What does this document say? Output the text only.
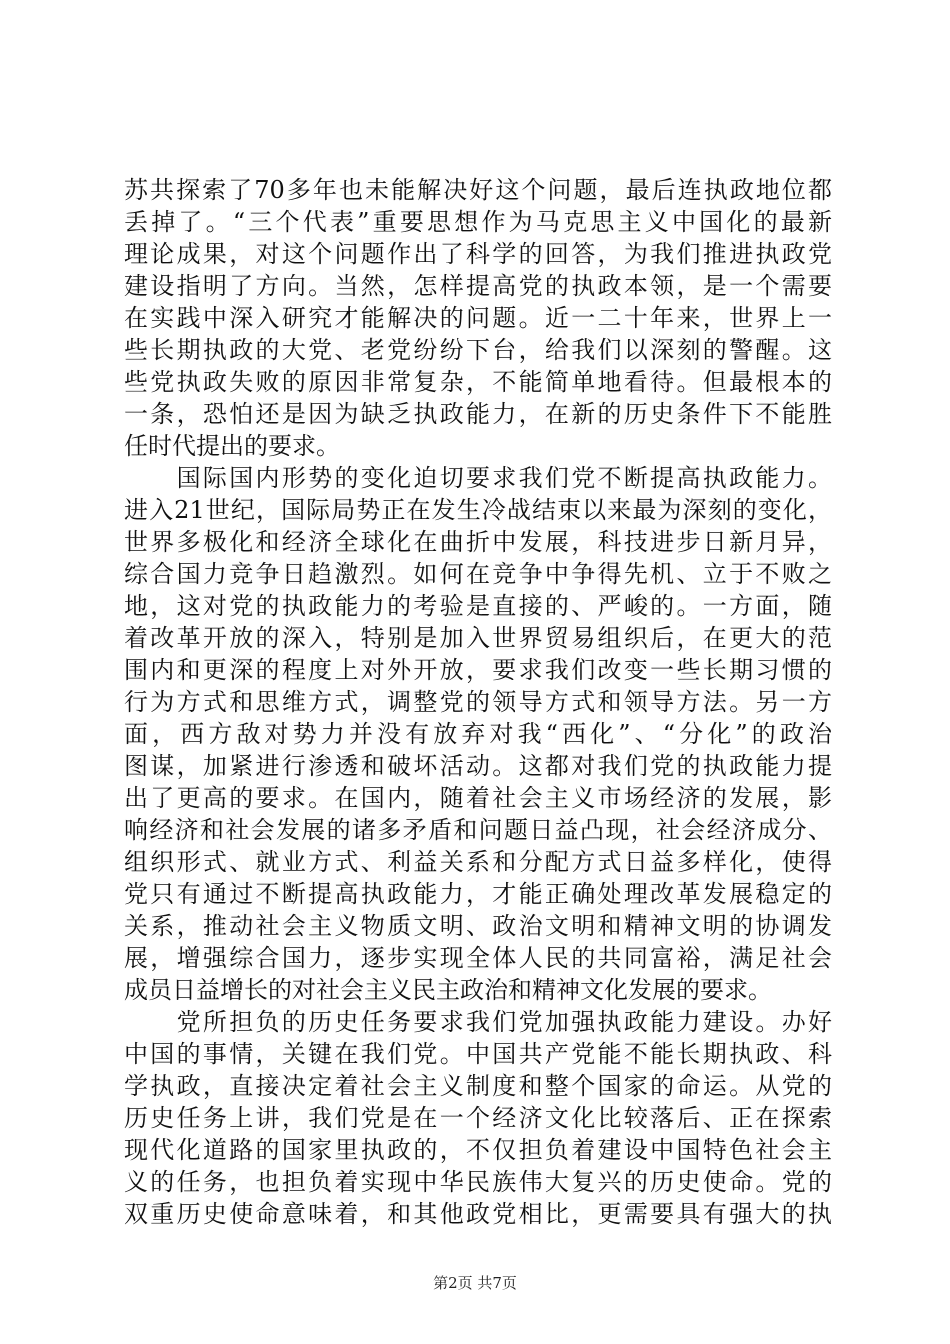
苏共探索了70多年也未能解决好这个问题，最后连执政地位都
丢掉了。“三个代表”重要思想作为马克思主义中国化的最新
理论成果，对这个问题作出了科学的回答，为我们推进执政党
建设指明了方向。当然，怎样提高党的执政本领，是一个需要
在实践中深入研究才能解决的问题。近一二十年来，世界上一
些长期执政的大党、老党纷纷下台，给我们以深刻的警醒。这
些党执政失败的原因非常复杂，不能简单地看待。但最根本的
一条，恐怕还是因为缺乏执政能力，在新的历史条件下不能胜
任时代提出的要求。
　　国际国内形势的变化迫切要求我们党不断提高执政能力。
进入21世纪，国际局势正在发生冷战结束以来最为深刻的变化，
世界多极化和经济全球化在曲折中发展，科技进步日新月异，
综合国力竞争日趋激烈。如何在竞争中争得先机、立于不败之
地，这对党的执政能力的考验是直接的、严峻的。一方面，随
着改革开放的深入，特别是加入世界贸易组织后，在更大的范
围内和更深的程度上对外开放，要求我们改变一些长期习惯的
行为方式和思维方式，调整党的领导方式和领导方法。另一方
面，西方敌对势力并没有放弃对我“西化”、“分化”的政治
图谋，加紧进行渗透和破坏活动。这都对我们党的执政能力提
出了更高的要求。在国内，随着社会主义市场经济的发展，影
响经济和社会发展的诸多矛盾和问题日益凸现，社会经济成分、
组织形式、就业方式、利益关系和分配方式日益多样化，使得
党只有通过不断提高执政能力，才能正确处理改革发展稳定的
关系，推动社会主义物质文明、政治文明和精神文明的协调发
展，增强综合国力，逐步实现全体人民的共同富裕，满足社会
成员日益增长的对社会主义民主政治和精神文化发展的要求。
　　党所担负的历史任务要求我们党加强执政能力建设。办好
中国的事情，关键在我们党。中国共产党能不能长期执政、科
学执政，直接决定着社会主义制度和整个国家的命运。从党的
历史任务上讲，我们党是在一个经济文化比较落后、正在探索
现代化道路的国家里执政的，不仅担负着建设中国特色社会主
义的任务，也担负着实现中华民族伟大复兴的历史使命。党的
双重历史使命意味着，和其他政党相比，更需要具有强大的执
第2页 共7页
